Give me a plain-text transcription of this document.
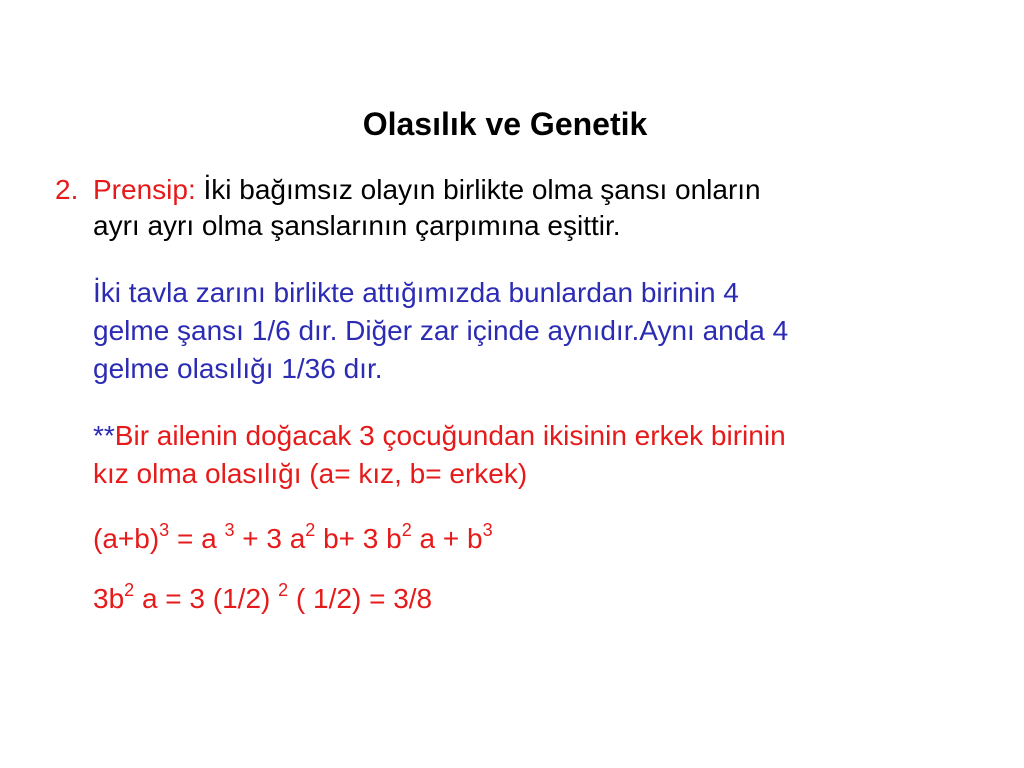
Olasılık ve Genetik
2. Prensip: İki bağımsız olayın birlikte olma şansı onların
ayrı ayrı olma şanslarının çarpımına eşittir.
İki tavla zarını birlikte attığımızda bunlardan birinin 4
gelme şansı 1/6 dır. Diğer zar içinde aynıdır.Aynı anda 4
gelme olasılığı 1/36 dır.
**Bir ailenin doğacak 3 çocuğundan ikisinin erkek birinin
kız olma olasılığı (a= kız, b= erkek)
$(a+b)^3 = a$ $^3$ + 3 $a^2$ b+ 3 $b^2$ $a + b^3$
$3b^2$ a = 3 (1/2) $^2$ ( 1/2) = 3/8
